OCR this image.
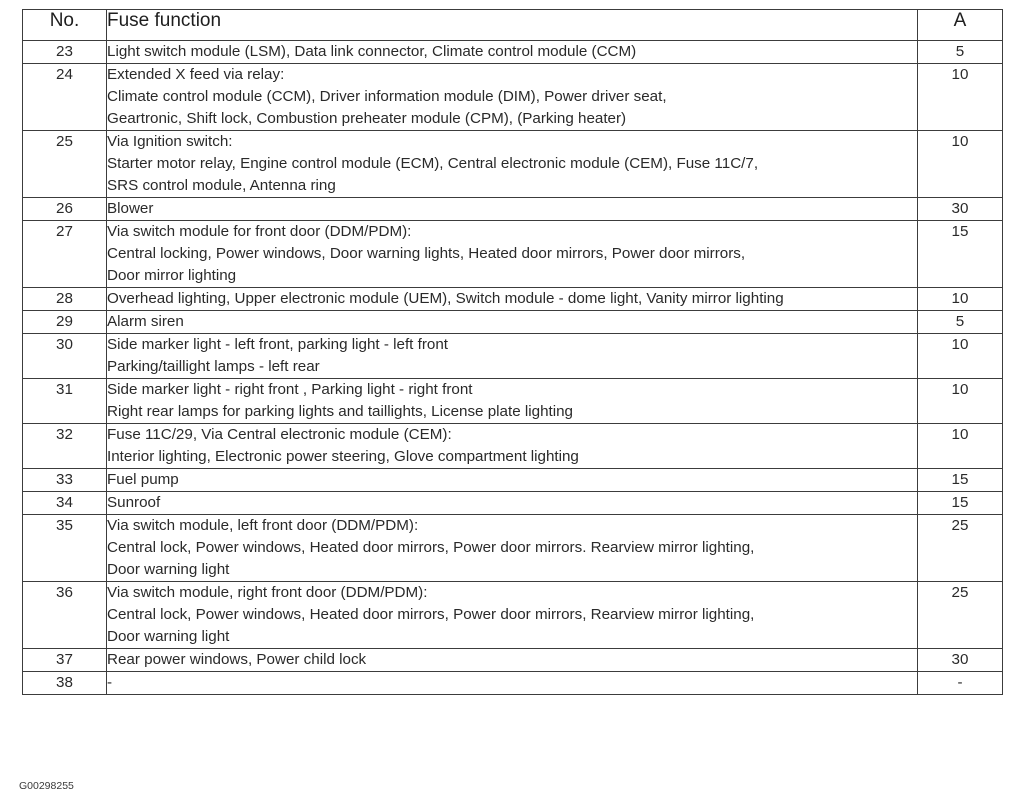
No.	Fuse function	A
23	Light switch module (LSM), Data link connector, Climate control module (CCM)	5
24	Extended X feed via relay:
Climate control module (CCM), Driver information module (DIM), Power driver seat,
Geartronic, Shift lock, Combustion preheater module (CPM), (Parking heater)	10
25	Via Ignition switch:
Starter motor relay, Engine control module (ECM), Central electronic module (CEM), Fuse 11C/7,
SRS control module, Antenna ring	10
26	Blower	30
27	Via switch module for front door (DDM/PDM):
Central locking, Power windows, Door warning lights, Heated door mirrors, Power door mirrors,
Door mirror lighting	15
28	Overhead lighting, Upper electronic module (UEM), Switch module - dome light, Vanity mirror lighting	10
29	Alarm siren	5
30	Side marker light - left front, parking light - left front
Parking/taillight lamps - left rear	10
31	Side marker light - right front , Parking light - right front
Right rear lamps for parking lights and taillights, License plate lighting	10
32	Fuse 11C/29, Via Central electronic module (CEM):
Interior lighting, Electronic power steering, Glove compartment lighting	10
33	Fuel pump	15
34	Sunroof	15
35	Via switch module, left front door (DDM/PDM):
Central lock, Power windows, Heated door mirrors, Power door mirrors. Rearview mirror lighting,
Door warning light	25
36	Via switch module, right front door (DDM/PDM):
Central lock, Power windows, Heated door mirrors, Power door mirrors, Rearview mirror lighting,
Door warning light	25
37	Rear power windows, Power child lock	30
38	-	-
G00298255
